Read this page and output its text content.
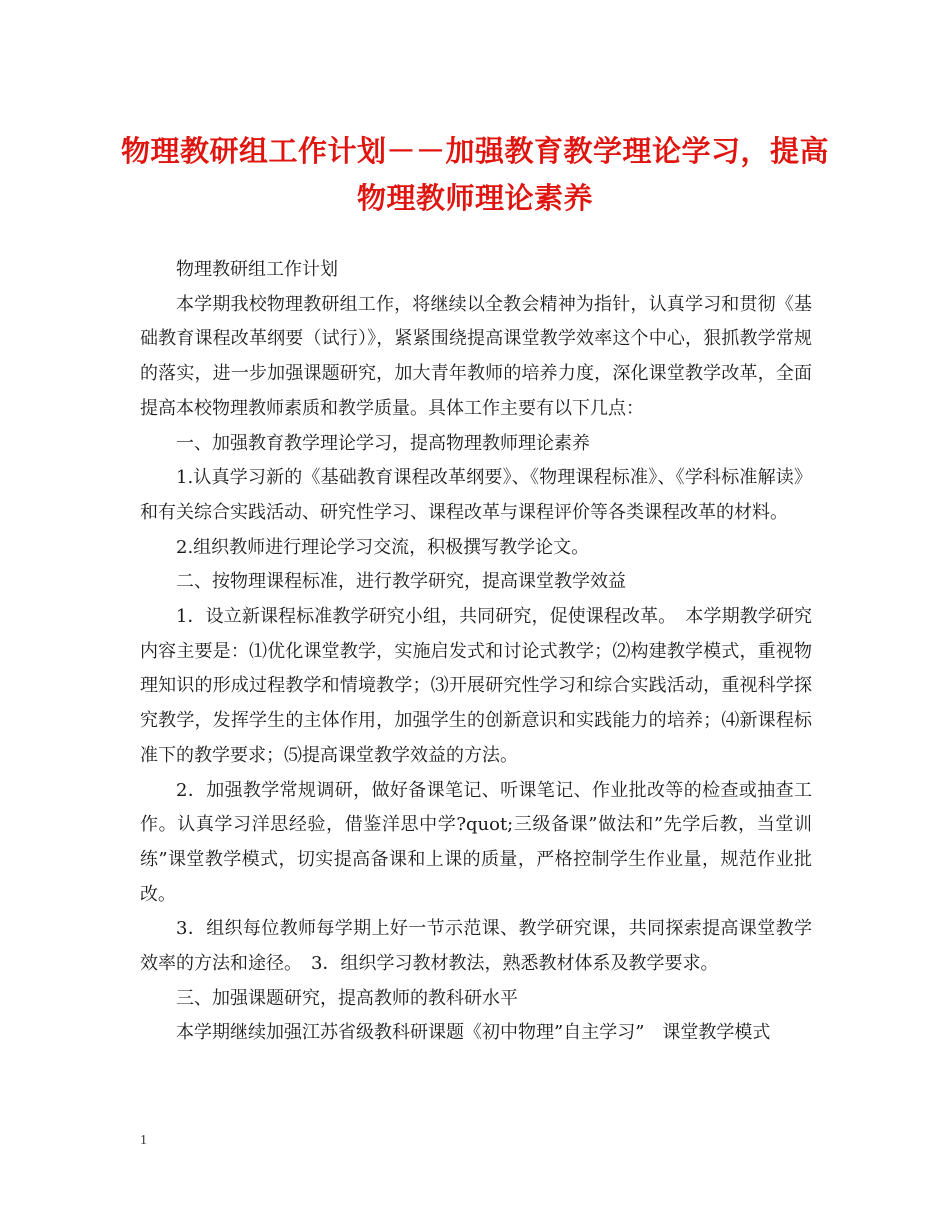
物理教研组工作计划－－加强教育教学理论学习，提高
物理教师理论素养

物理教研组工作计划

本学期我校物理教研组工作，将继续以全教会精神为指针，认真学习和贯彻《基础教育课程改革纲要（试行）》，紧紧围绕提高课堂教学效率这个中心，狠抓教学常规的落实，进一步加强课题研究，加大青年教师的培养力度，深化课堂教学改革，全面提高本校物理教师素质和教学质量。具体工作主要有以下几点：

一、加强教育教学理论学习，提高物理教师理论素养

1.认真学习新的《基础教育课程改革纲要》、《物理课程标准》、《学科标准解读》和有关综合实践活动、研究性学习、课程改革与课程评价等各类课程改革的材料。

2.组织教师进行理论学习交流，积极撰写教学论文。

二、按物理课程标准，进行教学研究，提高课堂教学效益

1．设立新课程标准教学研究小组，共同研究，促使课程改革。　本学期教学研究内容主要是：⑴优化课堂教学，实施启发式和讨论式教学；⑵构建教学模式，重视物理知识的形成过程教学和情境教学；⑶开展研究性学习和综合实践活动，重视科学探究教学，发挥学生的主体作用，加强学生的创新意识和实践能力的培养；⑷新课程标准下的教学要求；⑸提高课堂教学效益的方法。

2．加强教学常规调研，做好备课笔记、听课笔记、作业批改等的检查或抽查工作。认真学习洋思经验，借鉴洋思中学?quot;三级备课”做法和”先学后教，当堂训练”课堂教学模式，切实提高备课和上课的质量，严格控制学生作业量，规范作业批改。

3．组织每位教师每学期上好一节示范课、教学研究课，共同探索提高课堂教学效率的方法和途径。　3．组织学习教材教法，熟悉教材体系及教学要求。

三、加强课题研究，提高教师的教科研水平

本学期继续加强江苏省级教科研课题《初中物理”自主学习”　课堂教学模式

1
